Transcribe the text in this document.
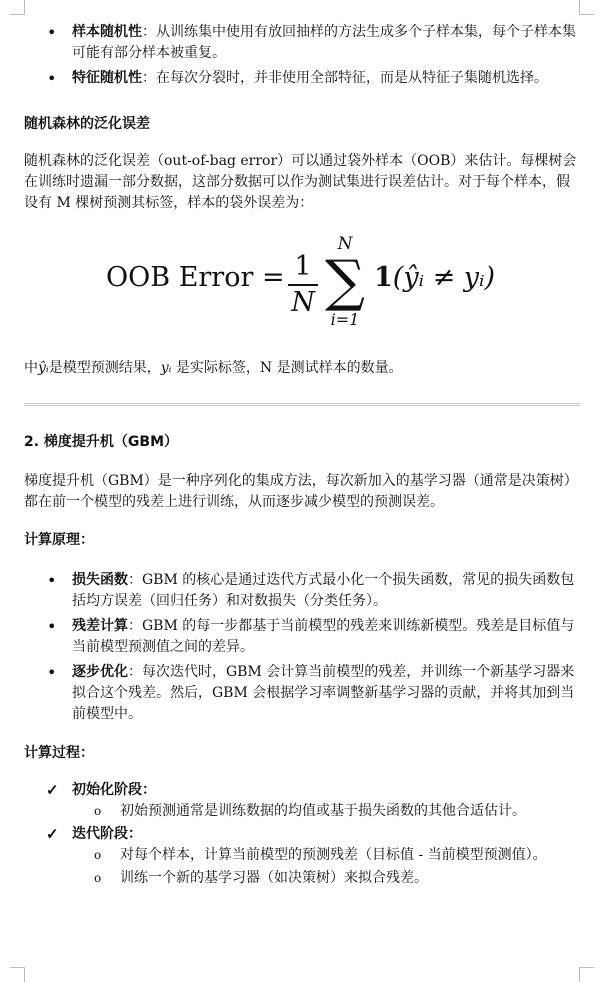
• 样本随机性：从训练集中使用有放回抽样的方法生成多个子样本集，每个子样本集可能有部分样本被重复。
• 特征随机性：在每次分裂时，并非使用全部特征，而是从特征子集随机选择。
随机森林的泛化误差

随机森林的泛化误差（out-of-bag error）可以通过袋外样本（OOB）来估计。每棵树会在训练时遗漏一部分数据，这部分数据可以作为测试集进行误差估计。对于每个样本，假设有 M 棵树预测其标签，样本的袋外误差为：

OOB Error = 1
N
N
∑
i=1
1(ŷᵢ ≠ yᵢ)

中ŷᵢ是模型预测结果，yᵢ 是实际标签，N 是测试样本的数量。

2. 梯度提升机（GBM）

梯度提升机（GBM）是一种序列化的集成方法，每次新加入的基学习器（通常是决策树）都在前一个模型的残差上进行训练，从而逐步减少模型的预测误差。

计算原理：
• 损失函数：GBM 的核心是通过迭代方式最小化一个损失函数，常见的损失函数包括均方误差（回归任务）和对数损失（分类任务）。
• 残差计算：GBM 的每一步都基于当前模型的残差来训练新模型。残差是目标值与当前模型预测值之间的差异。
• 逐步优化：每次迭代时，GBM 会计算当前模型的残差，并训练一个新基学习器来拟合这个残差。然后，GBM 会根据学习率调整新基学习器的贡献，并将其加到当前模型中。
计算过程：
✓ 初始化阶段：
o 初始预测通常是训练数据的均值或基于损失函数的其他合适估计。
✓ 迭代阶段：
o 对每个样本，计算当前模型的预测残差（目标值 - 当前模型预测值）。
o 训练一个新的基学习器（如决策树）来拟合残差。
